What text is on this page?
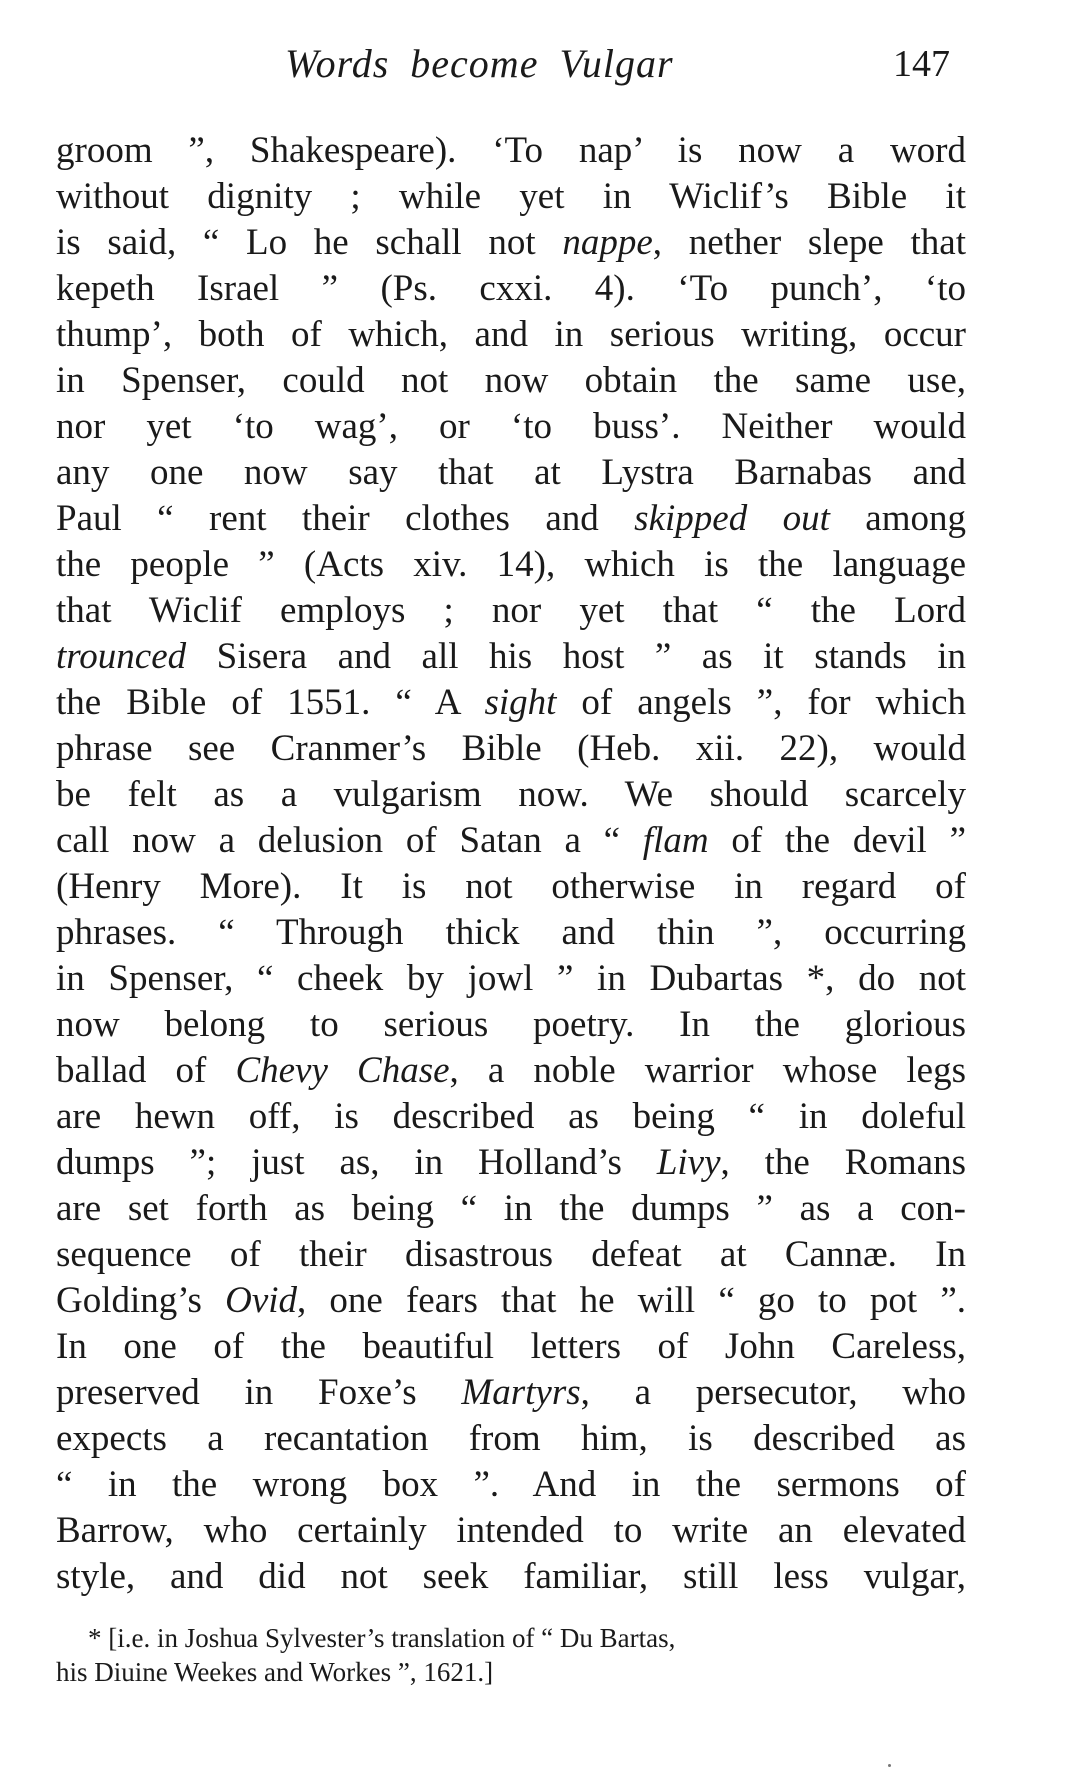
Words become Vulgar	147
groom ”, Shakespeare). ‘To nap’ is now a word
without dignity ; while yet in Wiclif’s Bible it
is said, “ Lo he schall not nappe, nether slepe that
kepeth Israel ” (Ps. cxxi. 4). ‘To punch’, ‘to
thump’, both of which, and in serious writing, occur
in Spenser, could not now obtain the same use,
nor yet ‘to wag’, or ‘to buss’. Neither would
any one now say that at Lystra Barnabas and
Paul “ rent their clothes and skipped out among
the people ” (Acts xiv. 14), which is the language
that Wiclif employs ; nor yet that “ the Lord
trounced Sisera and all his host ” as it stands in
the Bible of 1551. “ A sight of angels ”, for which
phrase see Cranmer’s Bible (Heb. xii. 22), would
be felt as a vulgarism now. We should scarcely
call now a delusion of Satan a “ flam of the devil ”
(Henry More). It is not otherwise in regard of
phrases. “ Through thick and thin ”, occurring
in Spenser, “ cheek by jowl ” in Dubartas *, do not
now belong to serious poetry. In the glorious
ballad of Chevy Chase, a noble warrior whose legs
are hewn off, is described as being “ in doleful
dumps ”; just as, in Holland’s Livy, the Romans
are set forth as being “ in the dumps ” as a con-
sequence of their disastrous defeat at Cannæ. In
Golding’s Ovid, one fears that he will “ go to pot ”.
In one of the beautiful letters of John Careless,
preserved in Foxe’s Martyrs, a persecutor, who
expects a recantation from him, is described as
“ in the wrong box ”. And in the sermons of
Barrow, who certainly intended to write an elevated
style, and did not seek familiar, still less vulgar,
* [i.e. in Joshua Sylvester’s translation of “ Du Bartas,
his Diuine Weekes and Workes ”, 1621.]
